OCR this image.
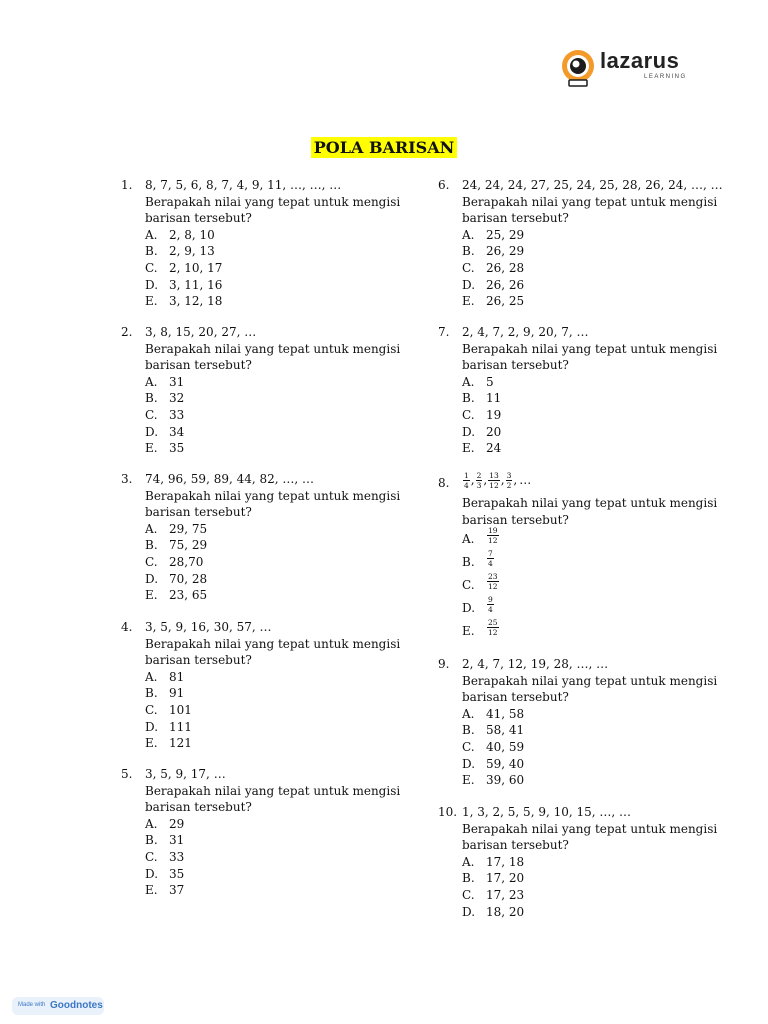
lazarus
LEARNING
POLA BARISAN
1. 8, 7, 5, 6, 8, 7, 4, 9, 11, …, …, …
Berapakah nilai yang tepat untuk mengisi
barisan tersebut?
A. 2, 8, 10
B. 2, 9, 13
C. 2, 10, 17
D. 3, 11, 16
E. 3, 12, 18
2. 3, 8, 15, 20, 27, …
Berapakah nilai yang tepat untuk mengisi
barisan tersebut?
A. 31
B. 32
C. 33
D. 34
E. 35
3. 74, 96, 59, 89, 44, 82, …, …
Berapakah nilai yang tepat untuk mengisi
barisan tersebut?
A. 29, 75
B. 75, 29
C. 28,70
D. 70, 28
E. 23, 65
4. 3, 5, 9, 16, 30, 57, …
Berapakah nilai yang tepat untuk mengisi
barisan tersebut?
A. 81
B. 91
C. 101
D. 111
E. 121
5. 3, 5, 9, 17, …
Berapakah nilai yang tepat untuk mengisi
barisan tersebut?
A. 29
B. 31
C. 33
D. 35
E. 37
6. 24, 24, 24, 27, 25, 24, 25, 28, 26, 24, …, …
Berapakah nilai yang tepat untuk mengisi
barisan tersebut?
A. 25, 29
B. 26, 29
C. 26, 28
D. 26, 26
E. 26, 25
7. 2, 4, 7, 2, 9, 20, 7, …
Berapakah nilai yang tepat untuk mengisi
barisan tersebut?
A. 5
B. 11
C. 19
D. 20
E. 24
8. $\frac{1}{4}$ , $\frac{2}{3}$ , $\frac{13}{12}$ , $\frac{3}{2}$ , …
Berapakah nilai yang tepat untuk mengisi
barisan tersebut?
A. $\frac{19}{12}$
B. $\frac{7}{4}$
C. $\frac{23}{12}$
D. $\frac{9}{4}$
E. $\frac{25}{12}$
9. 2, 4, 7, 12, 19, 28, …, …
Berapakah nilai yang tepat untuk mengisi
barisan tersebut?
A. 41, 58
B. 58, 41
C. 40, 59
D. 59, 40
E. 39, 60
10. 1, 3, 2, 5, 5, 9, 10, 15, …, …
Berapakah nilai yang tepat untuk mengisi
barisan tersebut?
A. 17, 18
B. 17, 20
C. 17, 23
D. 18, 20
Made with Goodnotes
